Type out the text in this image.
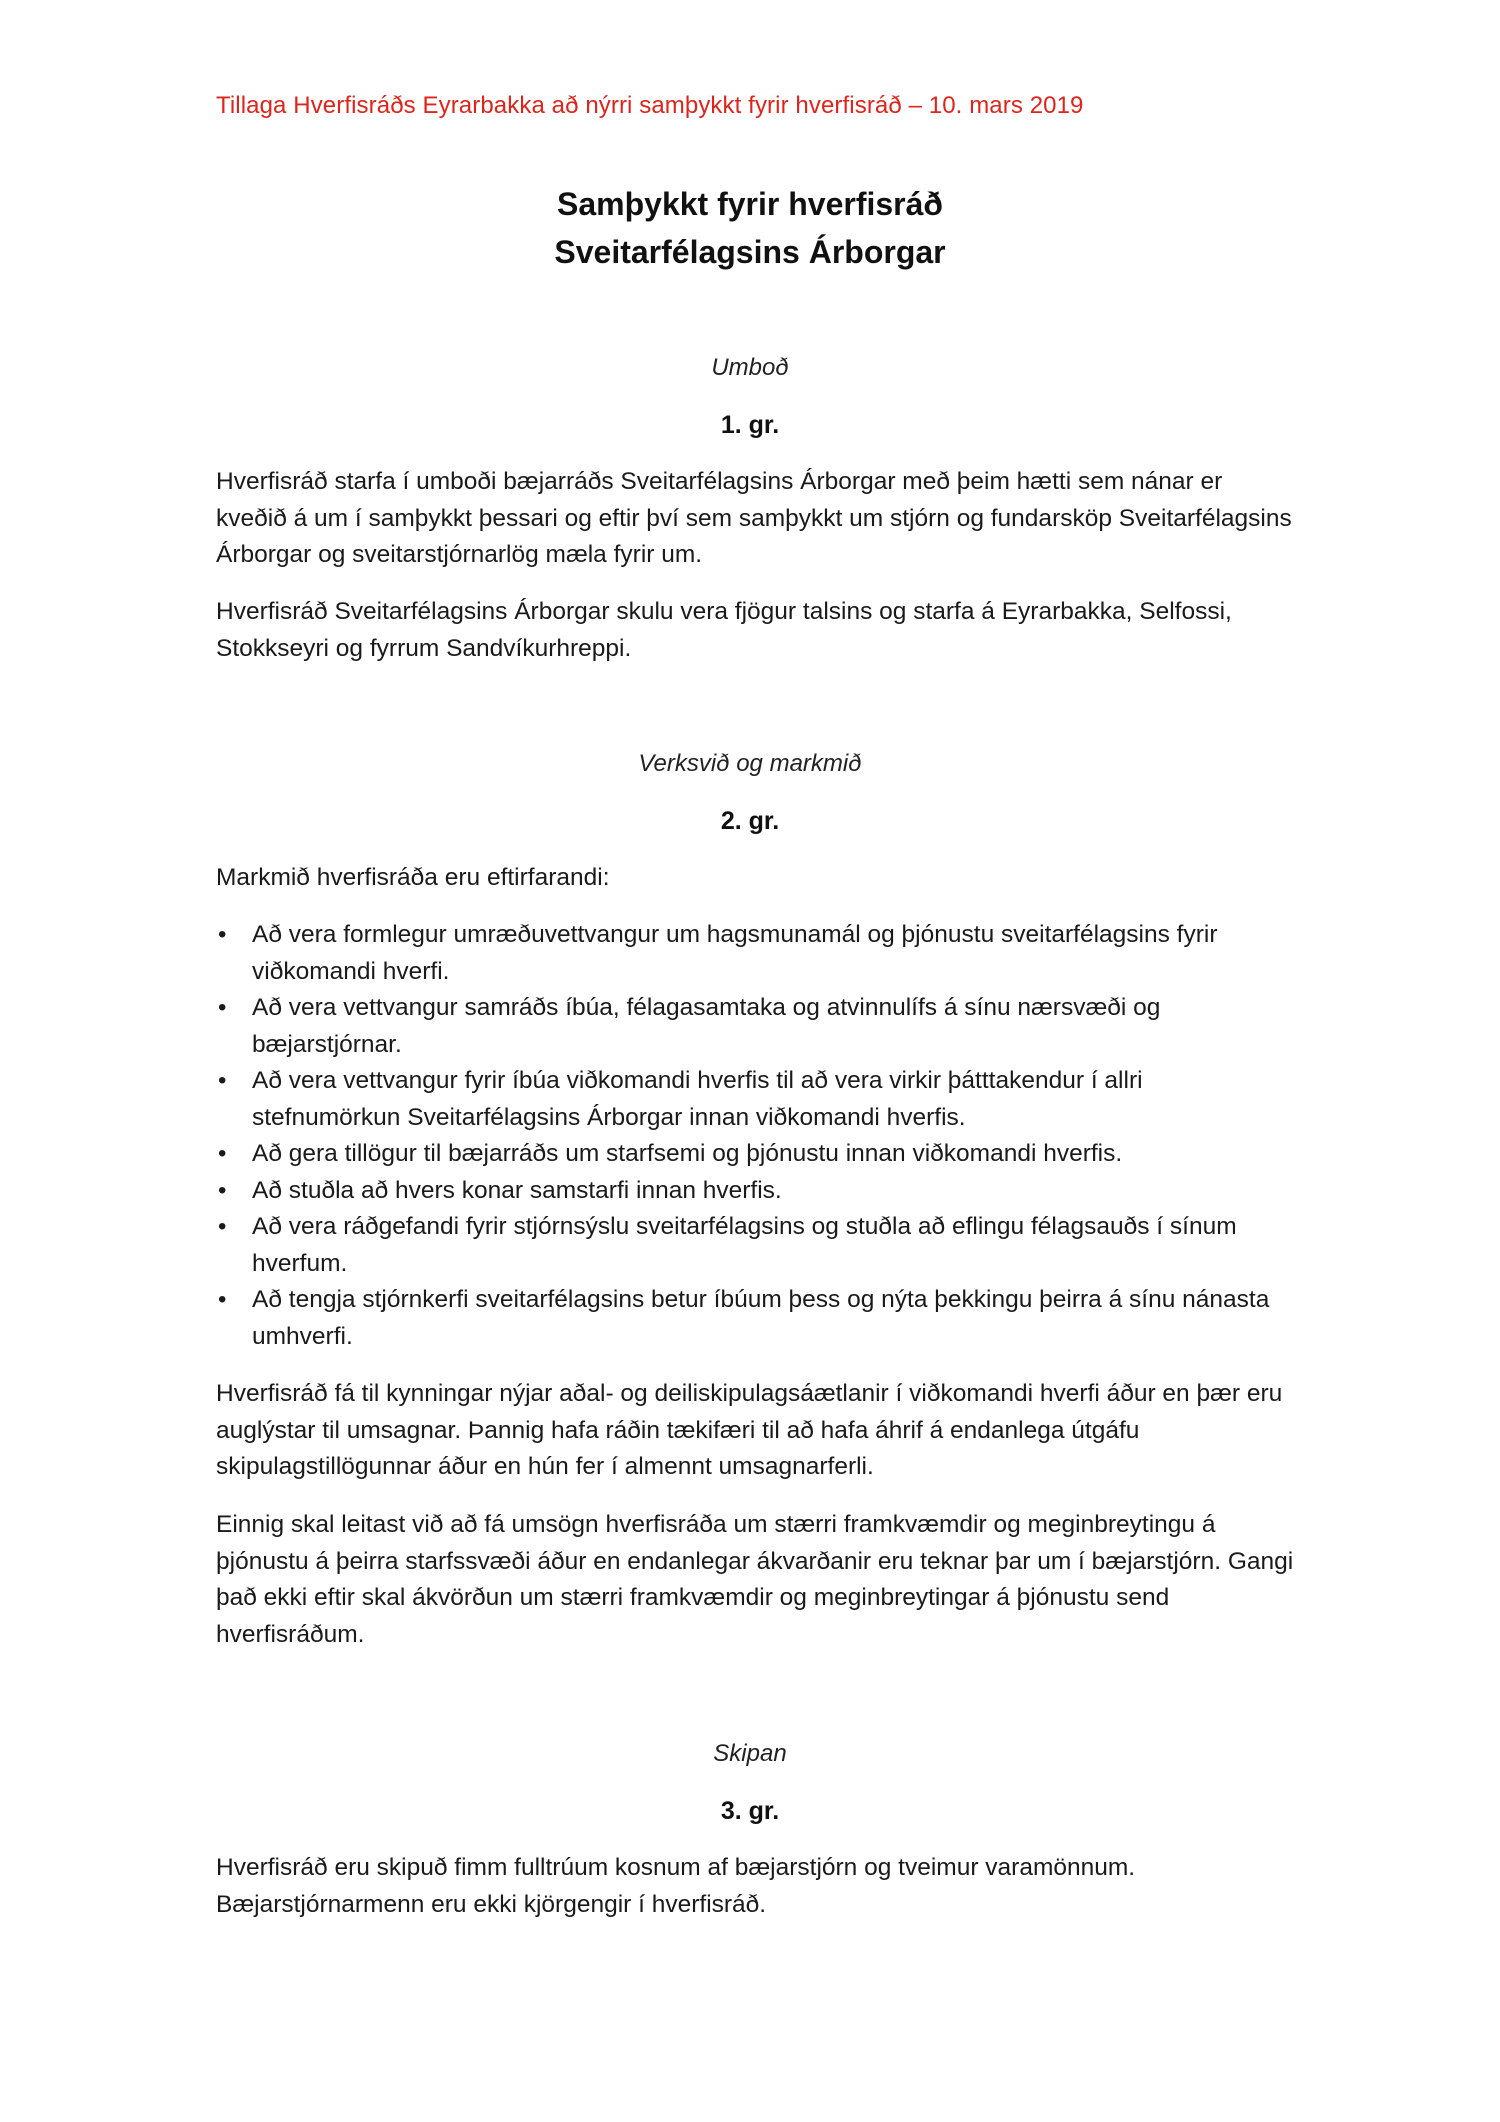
Tillaga Hverfisráðs Eyrarbakka að nýrri samþykkt fyrir hverfisráð – 10. mars 2019
Samþykkt fyrir hverfisráð
Sveitarfélagsins Árborgar
Umboð
1. gr.

Hverfisráð starfa í umboði bæjarráðs Sveitarfélagsins Árborgar með þeim hætti sem nánar er kveðið á um í samþykkt þessari og eftir því sem samþykkt um stjórn og fundarsköp Sveitarfélagsins Árborgar og sveitarstjórnarlög mæla fyrir um.

Hverfisráð Sveitarfélagsins Árborgar skulu vera fjögur talsins og starfa á Eyrarbakka, Selfossi, Stokkseyri og fyrrum Sandvíkurhreppi.

Verksvið og markmið
2. gr.

Markmið hverfisráða eru eftirfarandi:

• Að vera formlegur umræðuvettvangur um hagsmunamál og þjónustu sveitarfélagsins fyrir viðkomandi hverfi.
• Að vera vettvangur samráðs íbúa, félagasamtaka og atvinnulífs á sínu nærsvæði og bæjarstjórnar.
• Að vera vettvangur fyrir íbúa viðkomandi hverfis til að vera virkir þátttakendur í allri stefnumörkun Sveitarfélagsins Árborgar innan viðkomandi hverfis.
• Að gera tillögur til bæjarráðs um starfsemi og þjónustu innan viðkomandi hverfis.
• Að stuðla að hvers konar samstarfi innan hverfis.
• Að vera ráðgefandi fyrir stjórnsýslu sveitarfélagsins og stuðla að eflingu félagsauðs í sínum hverfum.
• Að tengja stjórnkerfi sveitarfélagsins betur íbúum þess og nýta þekkingu þeirra á sínu nánasta umhverfi.

Hverfisráð fá til kynningar nýjar aðal- og deiliskipulagsáætlanir í viðkomandi hverfi áður en þær eru auglýstar til umsagnar. Þannig hafa ráðin tækifæri til að hafa áhrif á endanlega útgáfu skipulagstillögunnar áður en hún fer í almennt umsagnarferli.

Einnig skal leitast við að fá umsögn hverfisráða um stærri framkvæmdir og meginbreytingu á þjónustu á þeirra starfssvæði áður en endanlegar ákvarðanir eru teknar þar um í bæjarstjórn. Gangi það ekki eftir skal ákvörðun um stærri framkvæmdir og meginbreytingar á þjónustu send hverfisráðum.

Skipan
3. gr.

Hverfisráð eru skipuð fimm fulltrúum kosnum af bæjarstjórn og tveimur varamönnum. Bæjarstjórnarmenn eru ekki kjörgengir í hverfisráð.
